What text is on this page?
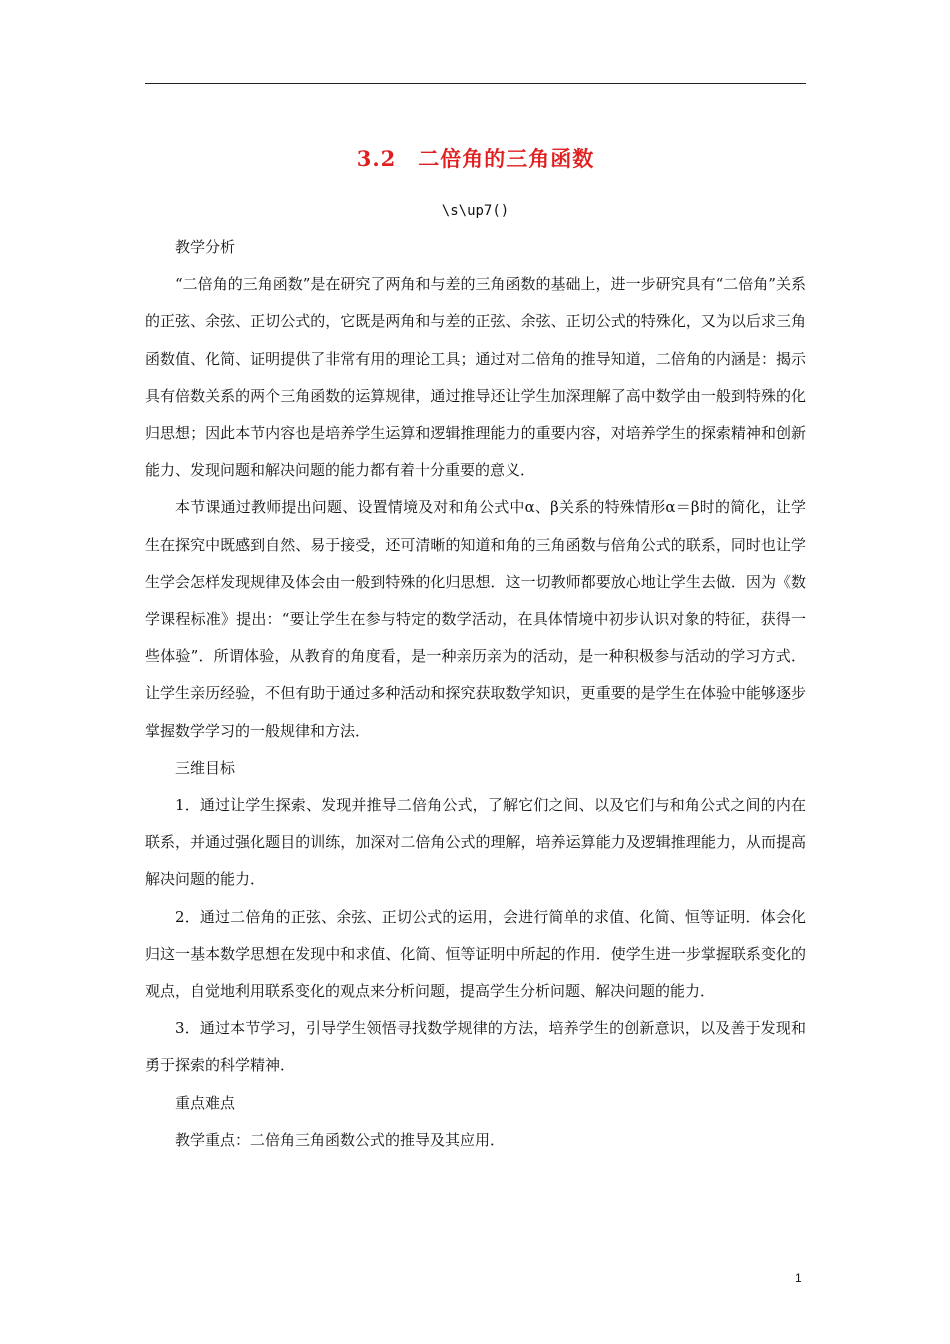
3.2　二倍角的三角函数
\s\up7()

教学分析

“二倍角的三角函数”是在研究了两角和与差的三角函数的基础上，进一步研究具有“二倍角”关系的正弦、余弦、正切公式的，它既是两角和与差的正弦、余弦、正切公式的特殊化，又为以后求三角函数值、化简、证明提供了非常有用的理论工具；通过对二倍角的推导知道，二倍角的内涵是：揭示具有倍数关系的两个三角函数的运算规律，通过推导还让学生加深理解了高中数学由一般到特殊的化归思想；因此本节内容也是培养学生运算和逻辑推理能力的重要内容，对培养学生的探索精神和创新能力、发现问题和解决问题的能力都有着十分重要的意义．

本节课通过教师提出问题、设置情境及对和角公式中α、β关系的特殊情形α＝β时的简化，让学生在探究中既感到自然、易于接受，还可清晰的知道和角的三角函数与倍角公式的联系，同时也让学生学会怎样发现规律及体会由一般到特殊的化归思想．这一切教师都要放心地让学生去做．因为《数学课程标准》提出：“要让学生在参与特定的数学活动，在具体情境中初步认识对象的特征，获得一些体验”．所谓体验，从教育的角度看，是一种亲历亲为的活动，是一种积极参与活动的学习方式．让学生亲历经验，不但有助于通过多种活动和探究获取数学知识，更重要的是学生在体验中能够逐步掌握数学学习的一般规律和方法．

三维目标

1．通过让学生探索、发现并推导二倍角公式，了解它们之间、以及它们与和角公式之间的内在联系，并通过强化题目的训练，加深对二倍角公式的理解，培养运算能力及逻辑推理能力，从而提高解决问题的能力．

2．通过二倍角的正弦、余弦、正切公式的运用，会进行简单的求值、化简、恒等证明．体会化归这一基本数学思想在发现中和求值、化简、恒等证明中所起的作用．使学生进一步掌握联系变化的观点，自觉地利用联系变化的观点来分析问题，提高学生分析问题、解决问题的能力．

3．通过本节学习，引导学生领悟寻找数学规律的方法，培养学生的创新意识，以及善于发现和勇于探索的科学精神．

重点难点

教学重点：二倍角三角函数公式的推导及其应用．

1
